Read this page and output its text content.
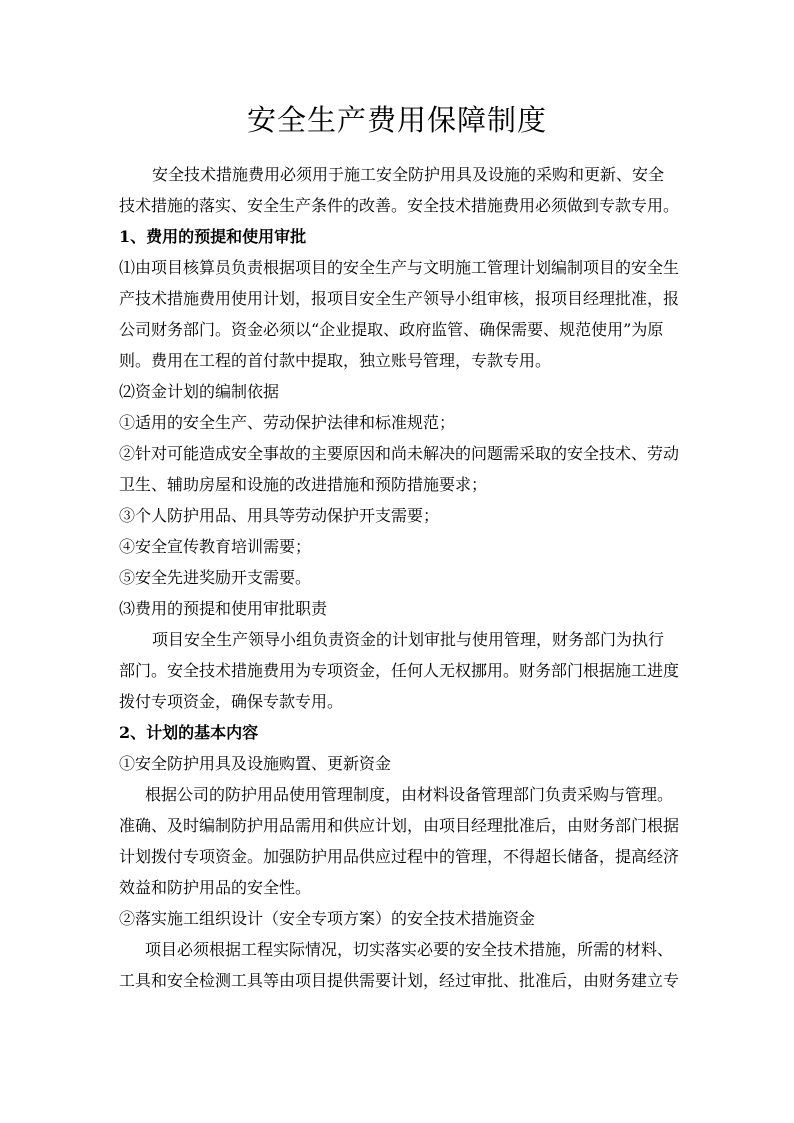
安全生产费用保障制度

安全技术措施费用必须用于施工安全防护用具及设施的采购和更新、安全技术措施的落实、安全生产条件的改善。安全技术措施费用必须做到专款专用。

1、费用的预提和使用审批

⑴由项目核算员负责根据项目的安全生产与文明施工管理计划编制项目的安全生产技术措施费用使用计划，报项目安全生产领导小组审核，报项目经理批准，报公司财务部门。资金必须以“企业提取、政府监管、确保需要、规范使用”为原则。费用在工程的首付款中提取，独立账号管理，专款专用。

⑵资金计划的编制依据

①适用的安全生产、劳动保护法律和标准规范；

②针对可能造成安全事故的主要原因和尚未解决的问题需采取的安全技术、劳动卫生、辅助房屋和设施的改进措施和预防措施要求；

③个人防护用品、用具等劳动保护开支需要；

④安全宣传教育培训需要；

⑤安全先进奖励开支需要。

⑶费用的预提和使用审批职责

项目安全生产领导小组负责资金的计划审批与使用管理，财务部门为执行部门。安全技术措施费用为专项资金，任何人无权挪用。财务部门根据施工进度拨付专项资金，确保专款专用。

2、计划的基本内容

①安全防护用具及设施购置、更新资金

根据公司的防护用品使用管理制度，由材料设备管理部门负责采购与管理。准确、及时编制防护用品需用和供应计划，由项目经理批准后，由财务部门根据计划拨付专项资金。加强防护用品供应过程中的管理，不得超长储备，提高经济效益和防护用品的安全性。

②落实施工组织设计（安全专项方案）的安全技术措施资金

项目必须根据工程实际情况，切实落实必要的安全技术措施，所需的材料、工具和安全检测工具等由项目提供需要计划，经过审批、批准后，由财务建立专
